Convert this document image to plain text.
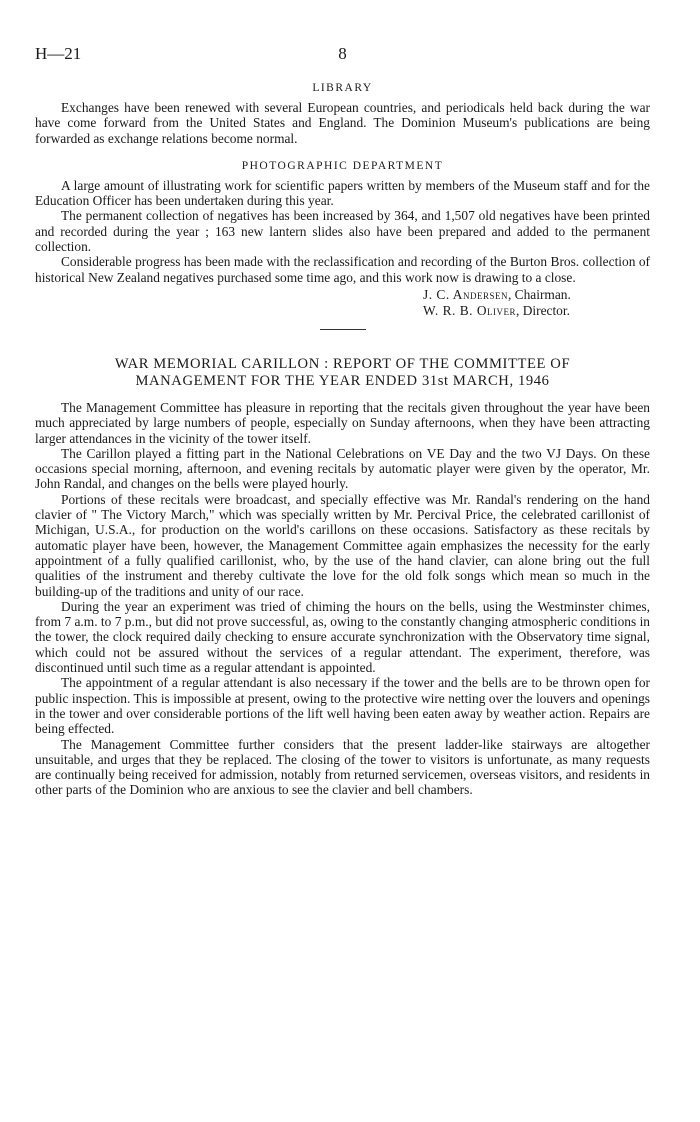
H—21	8
LIBRARY

Exchanges have been renewed with several European countries, and periodicals held back during the war have come forward from the United States and England. The Dominion Museum's publications are being forwarded as exchange relations become normal.

PHOTOGRAPHIC DEPARTMENT

A large amount of illustrating work for scientific papers written by members of the Museum staff and for the Education Officer has been undertaken during this year.

The permanent collection of negatives has been increased by 364, and 1,507 old negatives have been printed and recorded during the year ; 163 new lantern slides also have been prepared and added to the permanent collection.

Considerable progress has been made with the reclassification and recording of the Burton Bros. collection of historical New Zealand negatives purchased some time ago, and this work now is drawing to a close.

J. C. Andersen, Chairman.
W. R. B. Oliver, Director.
WAR MEMORIAL CARILLON : REPORT OF THE COMMITTEE OF
MANAGEMENT FOR THE YEAR ENDED 31st MARCH, 1946

The Management Committee has pleasure in reporting that the recitals given throughout the year have been much appreciated by large numbers of people, especially on Sunday afternoons, when they have been attracting larger attendances in the vicinity of the tower itself.

The Carillon played a fitting part in the National Celebrations on VE Day and the two VJ Days. On these occasions special morning, afternoon, and evening recitals by automatic player were given by the operator, Mr. John Randal, and changes on the bells were played hourly.

Portions of these recitals were broadcast, and specially effective was Mr. Randal's rendering on the hand clavier of " The Victory March," which was specially written by Mr. Percival Price, the celebrated carillonist of Michigan, U.S.A., for production on the world's carillons on these occasions. Satisfactory as these recitals by automatic player have been, however, the Management Committee again emphasizes the necessity for the early appointment of a fully qualified carillonist, who, by the use of the hand clavier, can alone bring out the full qualities of the instrument and thereby cultivate the love for the old folk songs which mean so much in the building-up of the traditions and unity of our race.

During the year an experiment was tried of chiming the hours on the bells, using the Westminster chimes, from 7 a.m. to 7 p.m., but did not prove successful, as, owing to the constantly changing atmospheric conditions in the tower, the clock required daily checking to ensure accurate synchronization with the Observatory time signal, which could not be assured without the services of a regular attendant. The experiment, therefore, was discontinued until such time as a regular attendant is appointed.

The appointment of a regular attendant is also necessary if the tower and the bells are to be thrown open for public inspection. This is impossible at present, owing to the protective wire netting over the louvers and openings in the tower and over considerable portions of the lift well having been eaten away by weather action. Repairs are being effected.

The Management Committee further considers that the present ladder-like stairways are altogether unsuitable, and urges that they be replaced. The closing of the tower to visitors is unfortunate, as many requests are continually being received for admission, notably from returned servicemen, overseas visitors, and residents in other parts of the Dominion who are anxious to see the clavier and bell chambers.
